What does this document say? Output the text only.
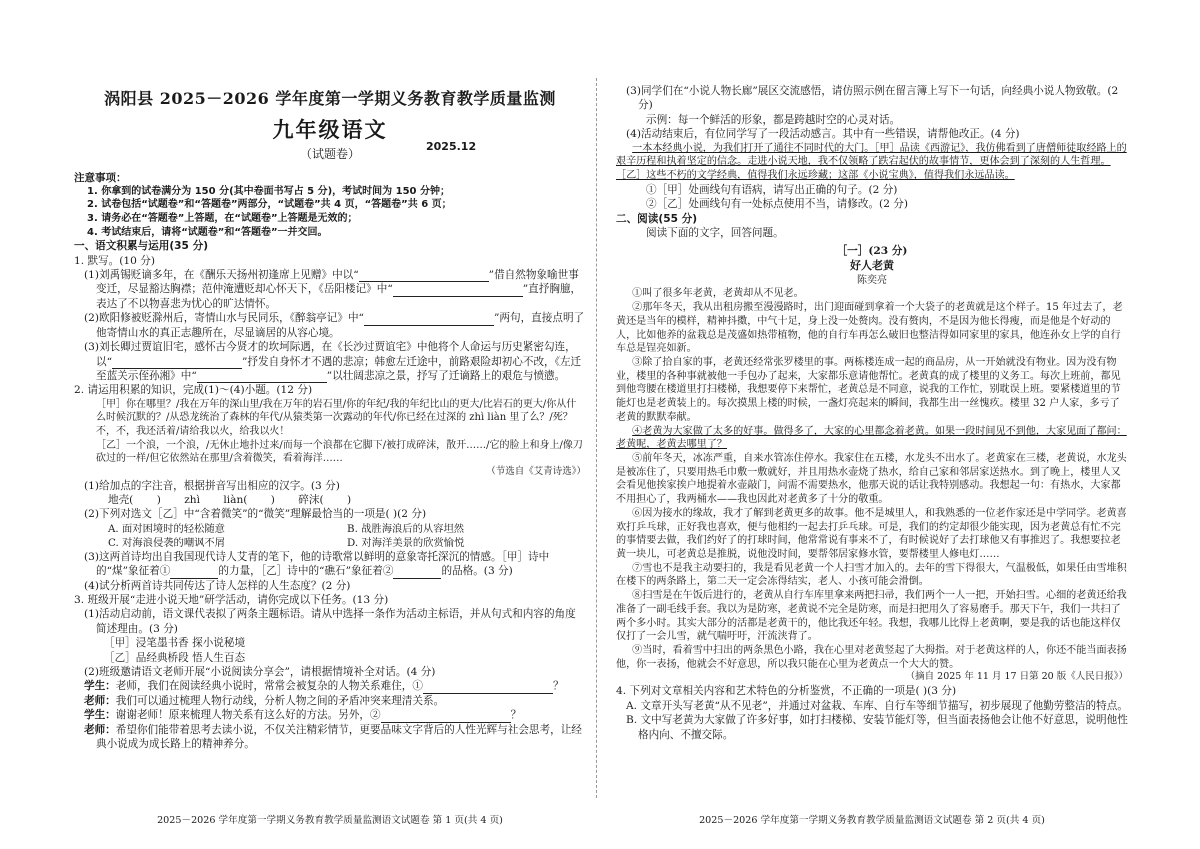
涡阳县 2025－2026 学年度第一学期义务教育教学质量监测
九年级语文
2025.12
（试题卷）
注意事项：
1. 你拿到的试卷满分为 150 分(其中卷面书写占 5 分)，考试时间为 150 分钟；
2. 试卷包括“试题卷”和“答题卷”两部分，“试题卷”共 4 页，“答题卷”共 6 页；
3. 请务必在“答题卷”上答题，在“试题卷”上答题是无效的；
4. 考试结束后，请将“试题卷”和“答题卷”一并交回。
一、语文积累与运用(35 分)
1. 默写。(10 分)
(1)刘禹锡贬谪多年，在《酬乐天扬州初逢席上见赠》中以“	”借自然物象喻世事变迁，尽显豁达胸襟；范仲淹遭贬却心怀天下，《岳阳楼记》中“	”直抒胸臆，表达了不以物喜悲为忧心的旷达情怀。
(2)欧阳修被贬滁州后，寄情山水与民同乐，《醉翁亭记》中“	”两句，直接点明了他寄情山水的真正志趣所在，尽显谪居的从容心境。
(3)刘长卿过贾谊旧宅，感怀古今贤才的坎坷际遇，在《长沙过贾谊宅》中他将个人命运与历史紧密勾连，以“	”抒发自身怀才不遇的悲凉；韩愈左迁途中，前路艰险却初心不改，《左迁至蓝关示侄孙湘》中“	”以壮阔悲凉之景，抒写了迁谪路上的艰危与愤懑。
2. 请运用积累的知识，完成(1)～(4)小题。(12 分)
［甲］你在哪里？/我在万年的深山里/我在万年的岩石里/你的年纪/我的年纪比山的更大/比岩石的更大/你从什么时候沉默的？/从恐龙统治了森林的年代/从猿类第一次露动的年代/你已经在过深的 zhì liàn 里了么？/死？不，不，我还活着/请给我以火，给我以火！
［乙］一个浪，一个浪，/无休止地扑过来/而每一个浪都在它脚下/被打成碎沫，散开……/它的脸上和身上/像刀砍过的一样/但它依然站在那里/含着微笑，看着海洋……
（节选自《艾青诗选》）
(1)给加点的字注音，根据拼音写出相应的汉字。(3 分)
地壳( ) zhì liàn( ) 碎沫( )
(2)下列对选文［乙］中“含着微笑”的“微笑”理解最恰当的一项是( )(2 分)
A. 面对困境时的轻松随意	B. 战胜海浪后的从容坦然
C. 对海浪侵袭的嘲讽不屑	D. 对海洋美景的欣赏愉悦
(3)这两首诗均出自我国现代诗人艾青的笔下，他的诗歌常以鲜明的意象寄托深沉的情感。［甲］诗中的“煤”象征着①	的力量，［乙］诗中的“礁石”象征着②	的品格。(3 分)
(4)试分析两首诗共同传达了诗人怎样的人生态度？(2 分)
3. 班级开展“走进小说天地”研学活动，请你完成以下任务。(13 分)
(1)活动启动前，语文课代表拟了两条主题标语。请从中选择一条作为活动主标语，并从句式和内容的角度简述理由。(3 分)
［甲］浸笔墨书香 探小说秘境
［乙］品经典桥段 悟人生百态
(2)班级邀请语文老师开展“小说阅读分享会”，请根据情境补全对话。(4 分)
学生：老师，我们在阅读经典小说时，常常会被复杂的人物关系难住，①	？
老师：我们可以通过梳理人物行动线，分析人物之间的矛盾冲突来理清关系。
学生：谢谢老师！原来梳理人物关系有这么好的方法。另外，②	？
老师：希望你们能带着思考去读小说，不仅关注精彩情节，更要品味文字背后的人性光辉与社会思考，让经典小说成为成长路上的精神养分。
2025－2026 学年度第一学期义务教育教学质量监测语文试题卷 第 1 页(共 4 页)
(3)同学们在“小说人物长廊”展区交流感悟，请仿照示例在留言簿上写下一句话，向经典小说人物致敬。(2 分)
示例：每一个鲜活的形象，都是跨越时空的心灵对话。
(4)活动结束后，有位同学写了一段活动感言。其中有一些错误，请帮他改正。(4 分)
一本本经典小说，为我们打开了通往不同时代的大门。［甲］品读《西游记》，我仿佛看到了唐僧师徒取经路上的艰辛历程和执着坚定的信念。走进小说天地，我不仅领略了跌宕起伏的故事情节，更体会到了深刻的人生哲理。［乙］这些不朽的文学经典，值得我们永远珍藏；这部《小说宝典》，值得我们永远品读。
①［甲］处画线句有语病，请写出正确的句子。(2 分)
②［乙］处画线句有一处标点使用不当，请修改。(2 分)
二、阅读(55 分)
阅读下面的文字，回答问题。
［一］(23 分)
好人老黄
陈奕亮
①叫了很多年老黄，老黄却从不见老。
②那年冬天，我从出租房搬至漫漫路时，出门迎面碰到拿着一个大袋子的老黄就是这个样子。15 年过去了，老黄还是当年的模样，精神抖擞，中气十足，身上没一处赘肉。没有赘肉，不是因为他长得瘦，而是他是个好动的人，比如他养的盆栽总是茂盛如热带植物，他的自行车再怎么破旧也整洁得如同家里的家具，他连孙女上学的自行车总是锃亮如新。
③除了拾自家的事，老黄还经常张罗楼里的事。两栋楼连成一起的商品房，从一开始就没有物业。因为没有物业，楼里的各种事就被他一手包办了起来，大家都乐意请他帮忙。老黄真的成了楼里的义务工。每次上班前，都见到他弯腰在楼道里打扫楼梯，我想要停下来帮忙，老黄总是不同意，说我的工作忙，别耽误上班。要紧楼道里的节能灯也是老黄装上的。每次摸黑上楼的时候，一盏灯亮起来的瞬间，我都生出一丝愧疚。楼里 32 户人家，多亏了老黄的默默奉献。
④老黄为大家做了太多的好事。做得多了，大家的心里都念着老黄。如果一段时间见不到他，大家见面了都问：老黄呢，老黄去哪里了？
⑤前年冬天，冰冻严重，自来水管冻住停水。我家住在五楼，水龙头不出水了。老黄家在三楼，老黄说，水龙头是被冻住了，只要用热毛巾敷一敷就好，并且用热水壶烧了热水，给自己家和邻居家送热水。到了晚上，楼里人又会看见他挨家挨户地提着水壶敲门，问需不需要热水，他那天说的话让我特别感动。我想起一句：有热水，大家都不用担心了，我两桶水——我也因此对老黄多了十分的敬重。
⑥因为接水的缘故，我才了解到老黄更多的故事。他不是城里人，和我熟悉的一位老作家还是中学同学。老黄喜欢打乒乓球，正好我也喜欢，便与他相约一起去打乒乓球。可是，我们的约定却很少能实现，因为老黄总有忙不完的事情要去做，我们约好了的打球时间，他常常说有事来不了，有时候说好了去打球他又有事推迟了。我想要拉老黄一块儿，可老黄总是推脱，说他没时间，要帮邻居家修水管，要帮楼里人修电灯……
⑦雪也不是我主动要扫的，我是看见老黄一个人扫雪才加入的。去年的雪下得很大，气温极低，如果任由雪堆积在楼下的两条路上，第二天一定会冻得结实，老人、小孩可能会滑倒。
⑧扫雪是在午饭后进行的，老黄从自行车库里拿来两把扫帚，我们两个一人一把，开始扫雪。心细的老黄还给我准备了一副毛线手套。我以为是防寒，老黄说不完全是防寒，而是扫把用久了容易磨手。那天下午，我们一共扫了两个多小时。其实大部分的活都是老黄干的，他比我还年轻。我想，我哪儿比得上老黄啊，要是我的话也能这样仅仅打了一会儿雪，就气喘吁吁，汗流浃背了。
⑨当时，看着雪中扫出的两条黑色小路，我在心里对老黄竖起了大拇指。对于老黄这样的人，你还不能当面表扬他，你一表扬，他就会不好意思，所以我只能在心里为老黄点一个大大的赞。
（摘自 2025 年 11 月 17 日第 20 版《人民日报》）
4. 下列对文章相关内容和艺术特色的分析鉴赏，不正确的一项是( )(3 分)
A. 文章开头写老黄“从不见老”，并通过对盆栽、车库、自行车等细节描写，初步展现了他勤劳整洁的特点。
B. 文中写老黄为大家做了许多好事，如打扫楼梯、安装节能灯等，但当面表扬他会让他不好意思，说明他性格内向、不擅交际。
2025－2026 学年度第一学期义务教育教学质量监测语文试题卷 第 2 页(共 4 页)
